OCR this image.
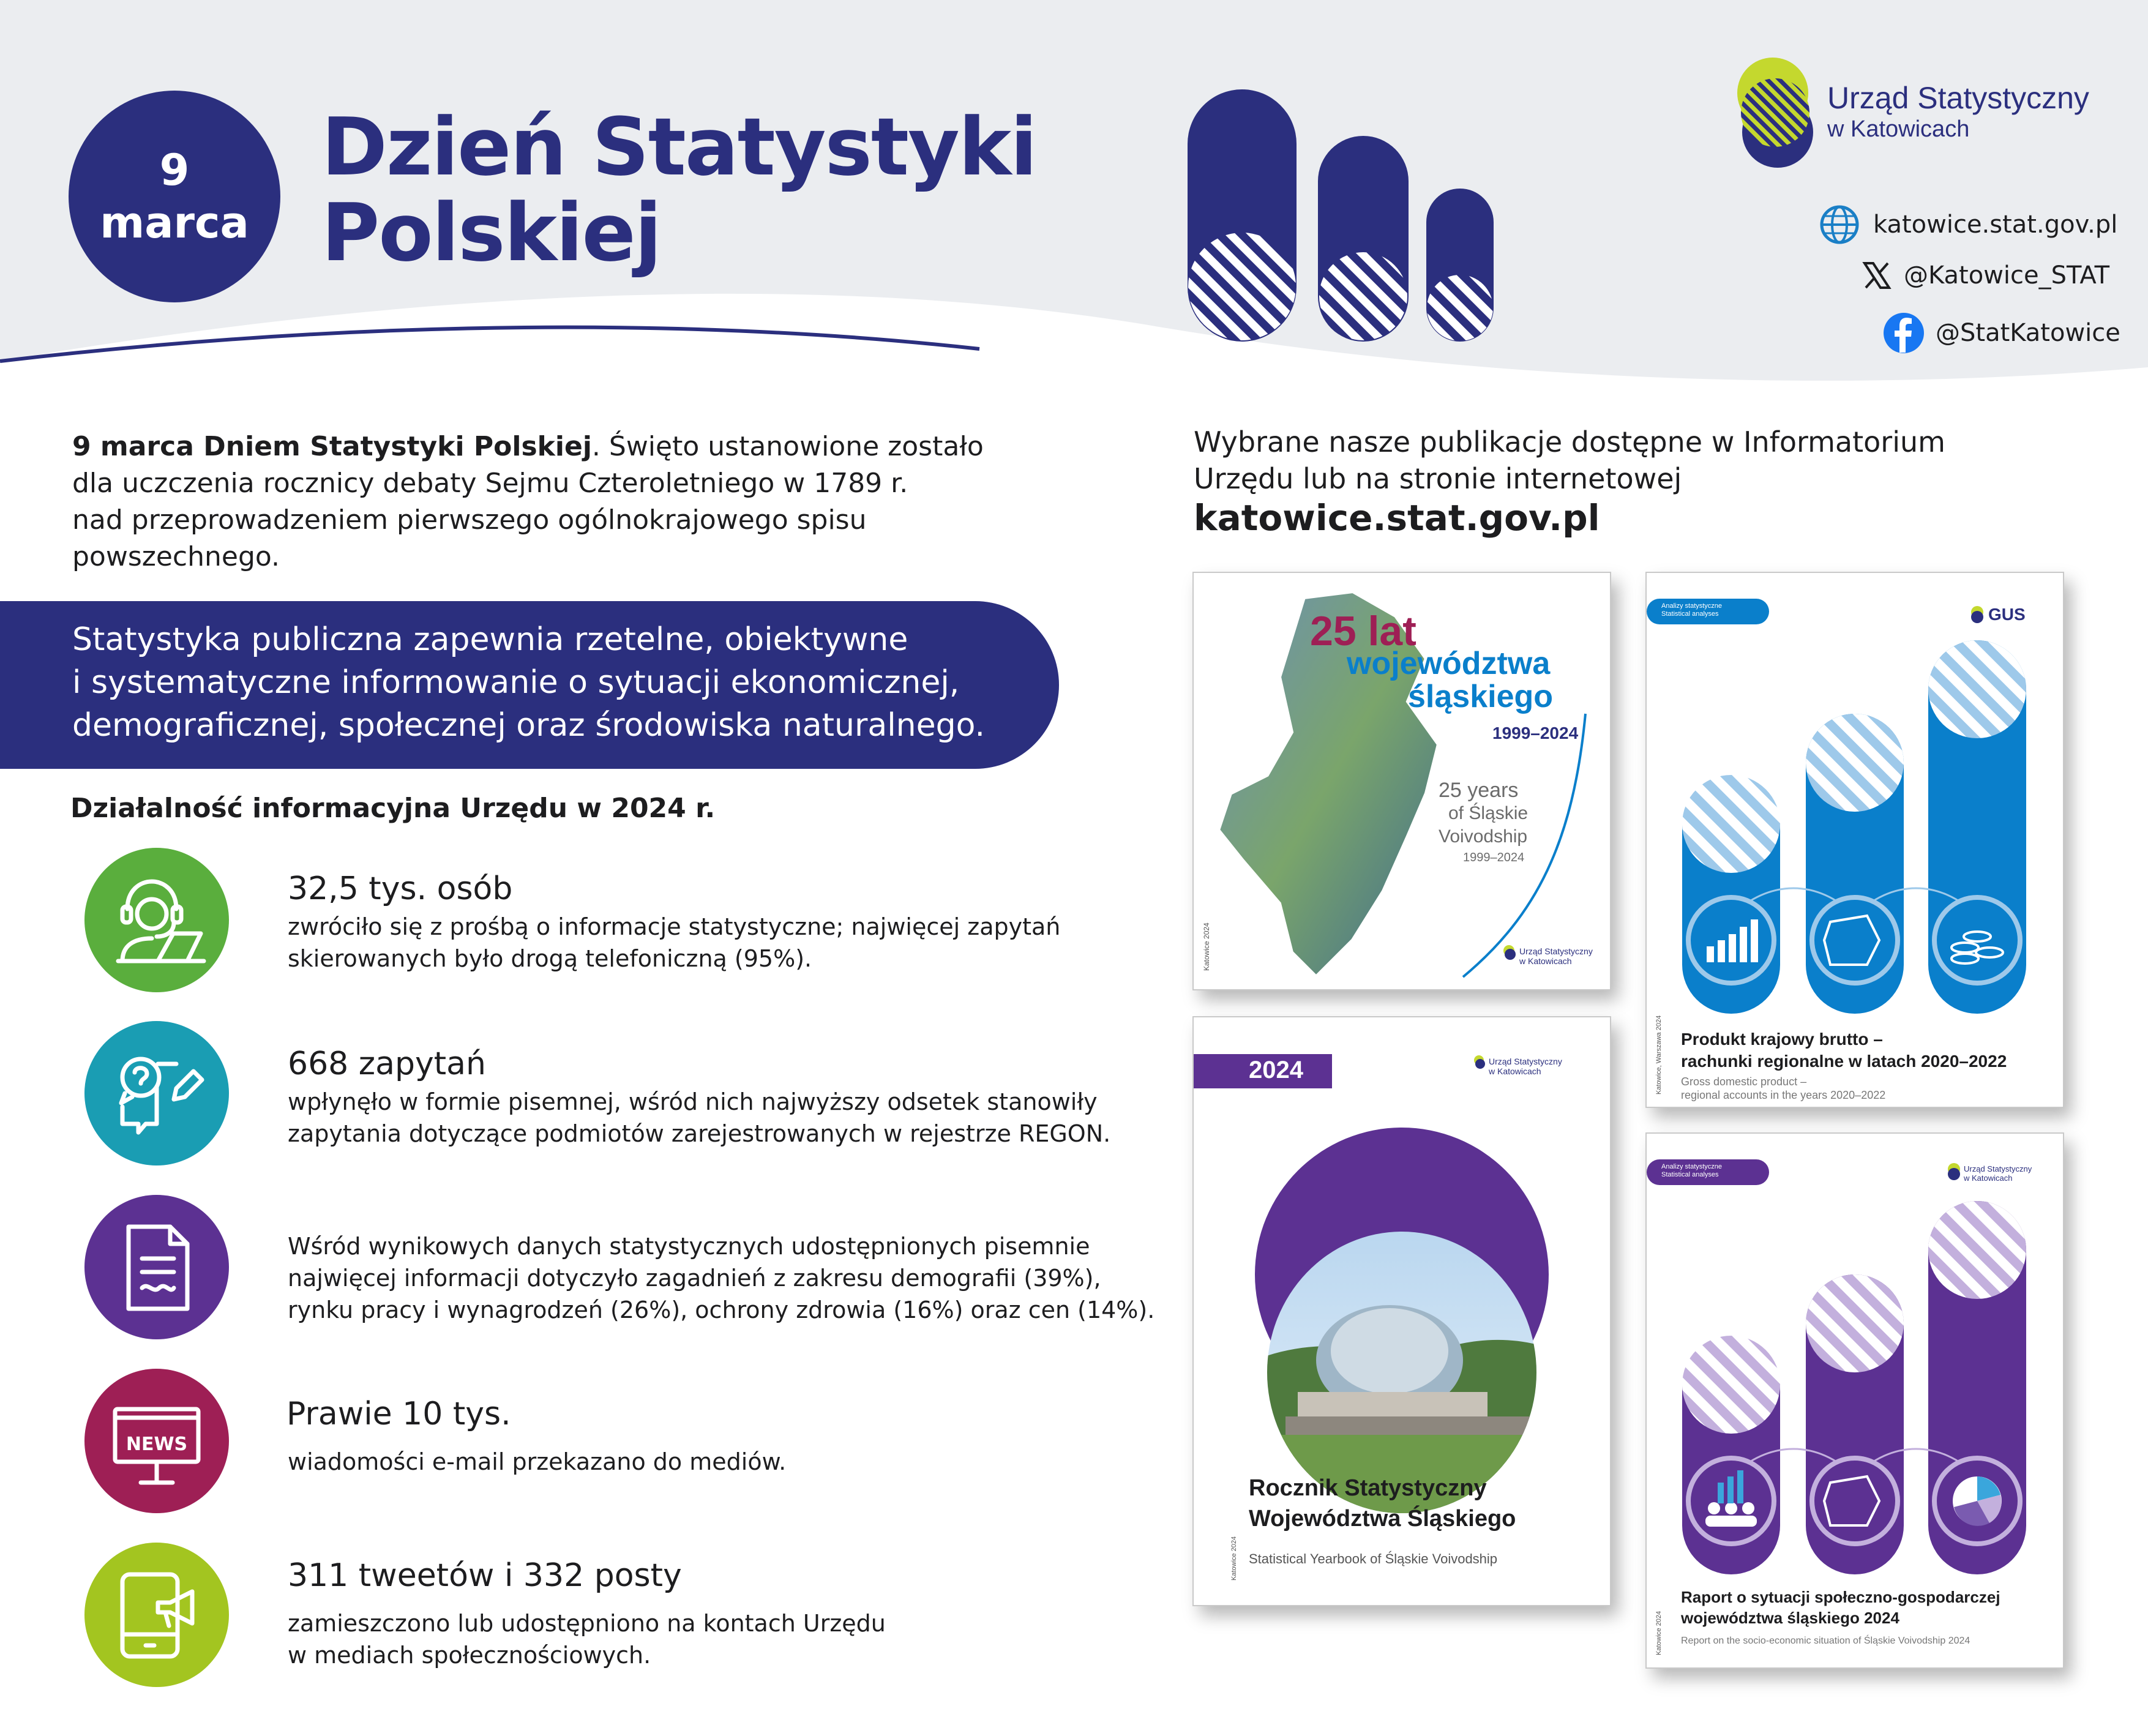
9
marca
Dzień Statystyki
Polskiej
Urząd Statystyczny
w Katowicach
katowice.stat.gov.pl
@Katowice_STAT
@StatKatowice
9 marca Dniem Statystyki Polskiej. Święto ustanowione zostało
dla uczczenia rocznicy debaty Sejmu Czteroletniego w 1789 r.
nad przeprowadzeniem pierwszego ogólnokrajowego spisu
powszechnego.
Statystyka publiczna zapewnia rzetelne, obiektywne
i systematyczne informowanie o sytuacji ekonomicznej,
demograficznej, społecznej oraz środowiska naturalnego.
Działalność informacyjna Urzędu w 2024 r.
32,5 tys. osób
zwróciło się z prośbą o informacje statystyczne; najwięcej zapytań
skierowanych było drogą telefoniczną (95%).
668 zapytań
wpłynęło w formie pisemnej, wśród nich najwyższy odsetek stanowiły
zapytania dotyczące podmiotów zarejestrowanych w rejestrze REGON.
Wśród wynikowych danych statystycznych udostępnionych pisemnie
najwięcej informacji dotyczyło zagadnień z zakresu demografii (39%),
rynku pracy i wynagrodzeń (26%), ochrony zdrowia (16%) oraz cen (14%).
NEWS
Prawie 10 tys.
wiadomości e-mail przekazano do mediów.
311 tweetów i 332 posty
zamieszczono lub udostępniono na kontach Urzędu
w mediach społecznościowych.
Wybrane nasze publikacje dostępne w Informatorium
Urzędu lub na stronie internetowej
katowice.stat.gov.pl
25 lat
województwa
śląskiego
1999–2024
25 years
of Śląskie
Voivodship
1999–2024
Katowice 2024	Urząd Statystyczny
w Katowicach
Analizy statystyczne
Statistical analyses	GUS
Produkt krajowy brutto –
rachunki regionalne w latach 2020–2022
Gross domestic product –
regional accounts in the years 2020–2022
Katowice, Warszawa 2024
2024	Urząd Statystyczny
w Katowicach
Rocznik Statystyczny
Województwa Śląskiego
Statistical Yearbook of Śląskie Voivodship
Katowice 2024
Analizy statystyczne
Statistical analyses
Urząd Statystyczny
w Katowicach
Raport o sytuacji społeczno-gospodarczej
województwa śląskiego 2024
Report on the socio-economic situation of Śląskie Voivodship 2024
Katowice 2024
